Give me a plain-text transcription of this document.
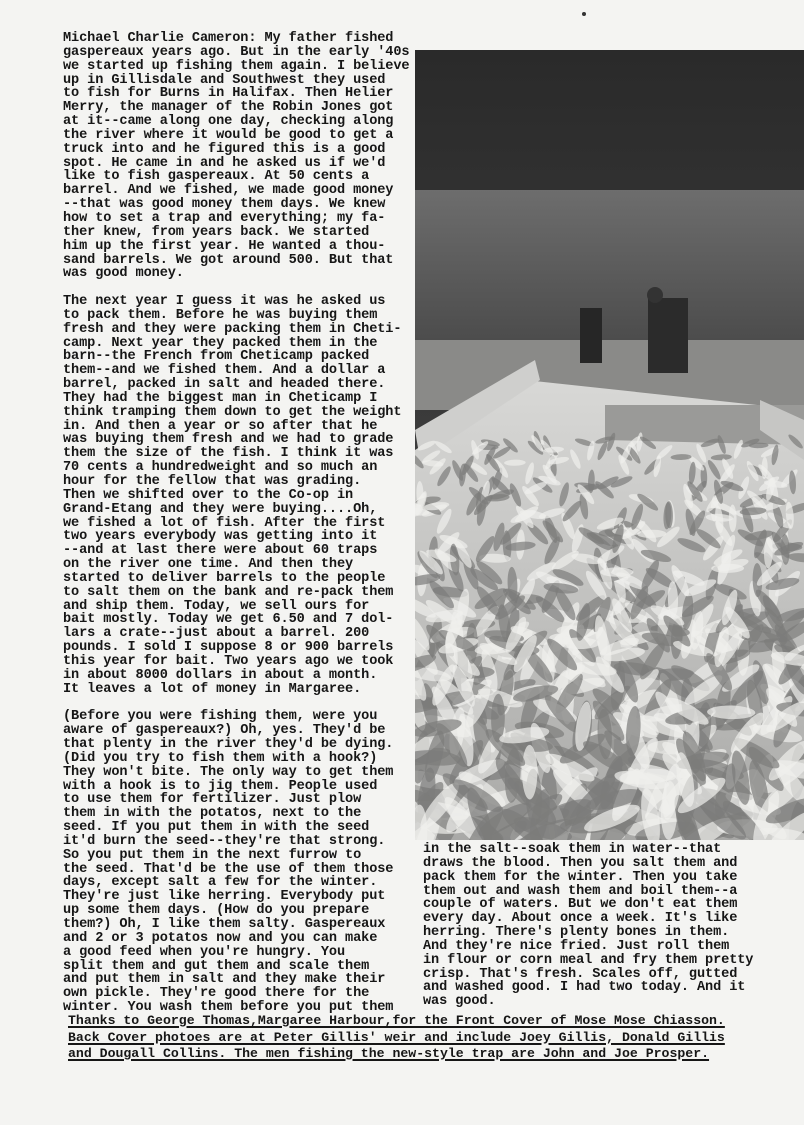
Michael Charlie Cameron: My father fished
gaspereaux years ago. But in the early '40s
we started up fishing them again. I believe
up in Gillisdale and Southwest they used
to fish for Burns in Halifax. Then Helier
Merry, the manager of the Robin Jones got
at it--came along one day, checking along
the river where it would be good to get a
truck into and he figured this is a good
spot. He came in and he asked us if we'd
like to fish gaspereaux. At 50 cents a
barrel. And we fished, we made good money
--that was good money them days. We knew
how to set a trap and everything; my fa-
ther knew, from years back. We started
him up the first year. He wanted a thou-
sand barrels. We got around 500. But that
was good money.
The next year I guess it was he asked us
to pack them. Before he was buying them
fresh and they were packing them in Cheti-
camp. Next year they packed them in the
barn--the French from Cheticamp packed
them--and we fished them. And a dollar a
barrel, packed in salt and headed there.
They had the biggest man in Cheticamp I
think tramping them down to get the weight
in. And then a year or so after that he
was buying them fresh and we had to grade
them the size of the fish. I think it was
70 cents a hundredweight and so much an
hour for the fellow that was grading.
Then we shifted over to the Co-op in
Grand-Etang and they were buying....Oh,
we fished a lot of fish. After the first
two years everybody was getting into it
--and at last there were about 60 traps
on the river one time. And then they
started to deliver barrels to the people
to salt them on the bank and re-pack them
and ship them. Today, we sell ours for
bait mostly. Today we get 6.50 and 7 dol-
lars a crate--just about a barrel. 200
pounds. I sold I suppose 8 or 900 barrels
this year for bait. Two years ago we took
in about 8000 dollars in about a month.
It leaves a lot of money in Margaree.
(Before you were fishing them, were you
aware of gaspereaux?) Oh, yes. They'd be
that plenty in the river they'd be dying.
(Did you try to fish them with a hook?)
They won't bite. The only way to get them
with a hook is to jig them. People used
to use them for fertilizer. Just plow
them in with the potatos, next to the
seed. If you put them in with the seed
it'd burn the seed--they're that strong.
So you put them in the next furrow to
the seed. That'd be the use of them those
days, except salt a few for the winter.
They're just like herring. Everybody put
up some them days. (How do you prepare
them?) Oh, I like them salty. Gaspereaux
and 2 or 3 potatos now and you can make
a good feed when you're hungry. You
split them and gut them and scale them
and put them in salt and they make their
own pickle. They're good there for the
winter. You wash them before you put them
in the salt--soak them in water--that
draws the blood. Then you salt them and
pack them for the winter. Then you take
them out and wash them and boil them--a
couple of waters. But we don't eat them
every day. About once a week. It's like
herring. There's plenty bones in them.
And they're nice fried. Just roll them
in flour or corn meal and fry them pretty
crisp. That's fresh. Scales off, gutted
and washed good. I had two today. And it
was good.
Thanks to George Thomas,Margaree Harbour,for the Front Cover of Mose Mose Chiasson.
Back Cover photoes are at Peter Gillis' weir and include Joey Gillis, Donald Gillis
and Dougall Collins. The men fishing the new-style trap are John and Joe Prosper.
